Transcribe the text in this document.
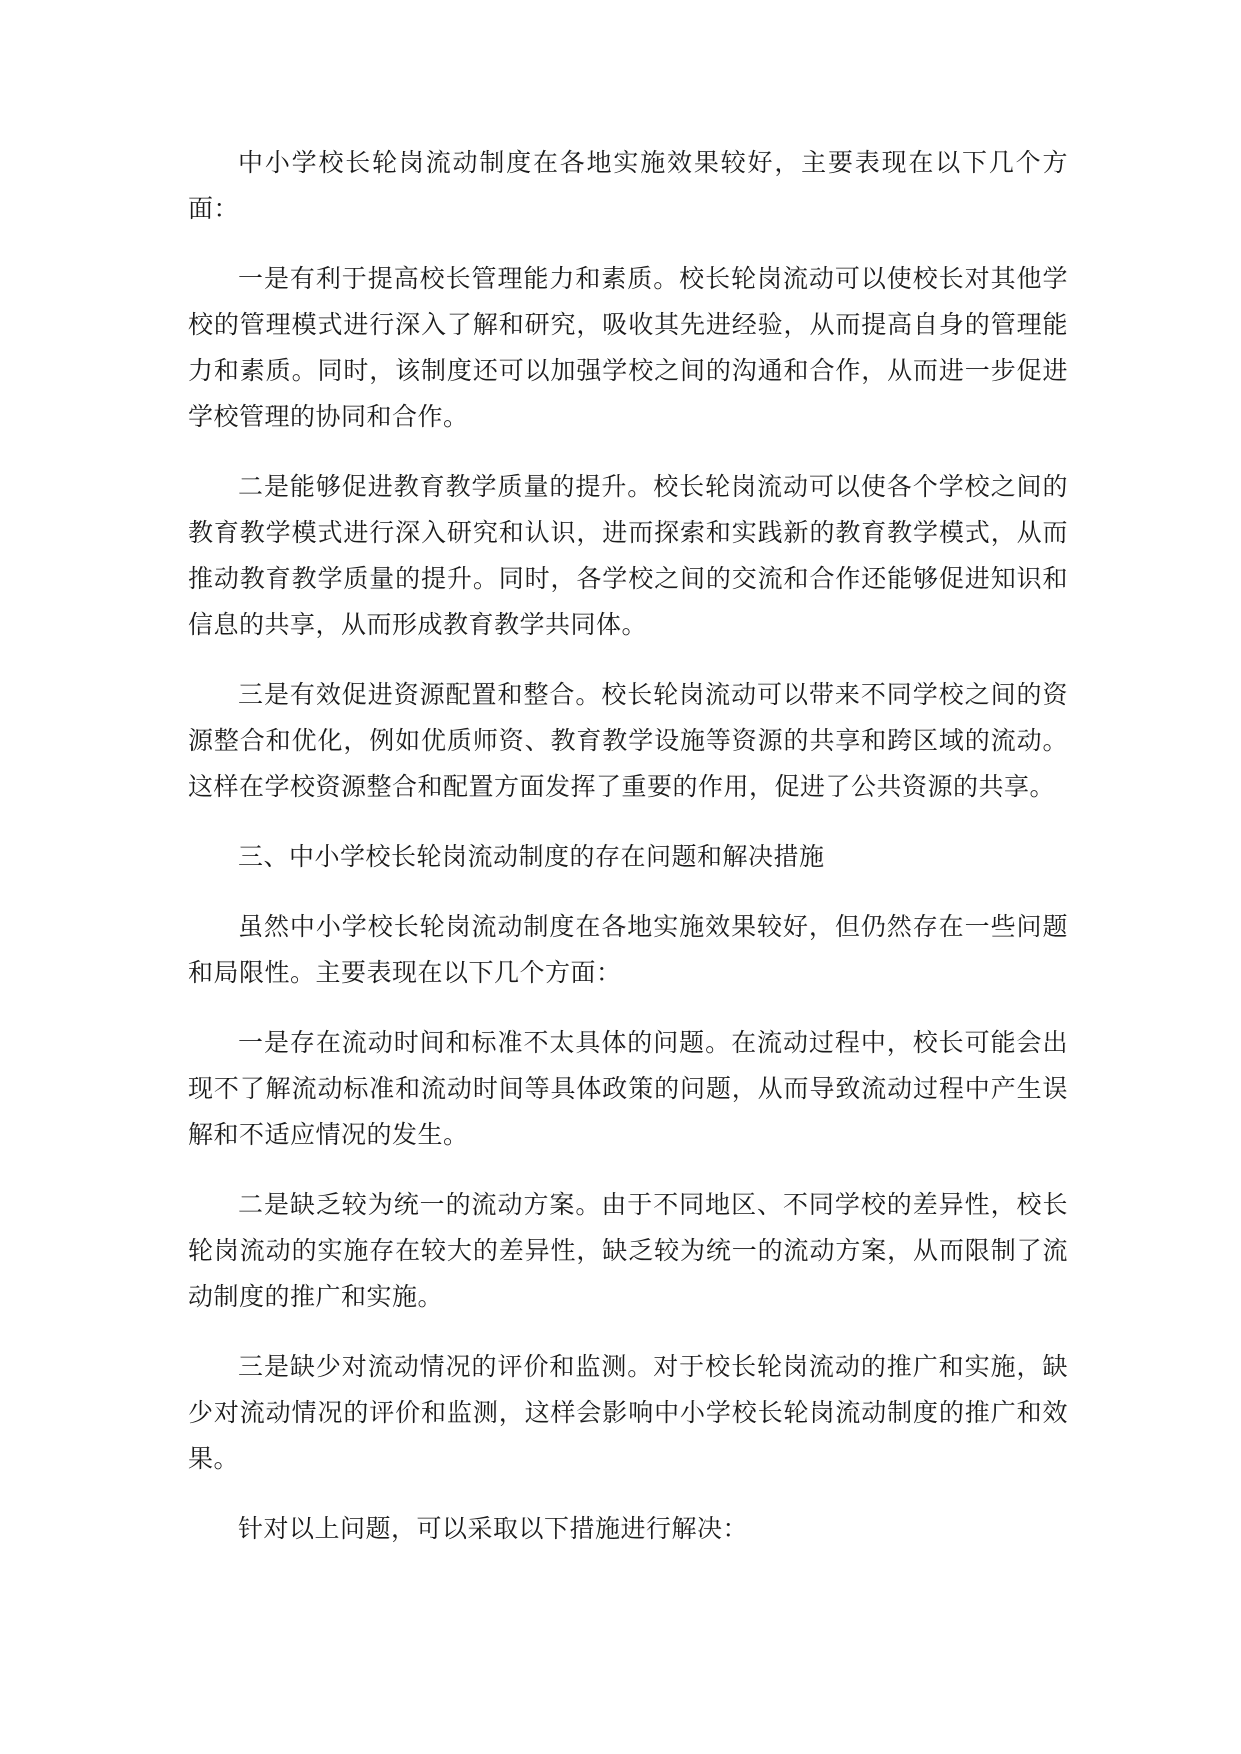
中小学校长轮岗流动制度在各地实施效果较好，主要表现在以下几个方面：

一是有利于提高校长管理能力和素质。校长轮岗流动可以使校长对其他学校的管理模式进行深入了解和研究，吸收其先进经验，从而提高自身的管理能力和素质。同时，该制度还可以加强学校之间的沟通和合作，从而进一步促进学校管理的协同和合作。

二是能够促进教育教学质量的提升。校长轮岗流动可以使各个学校之间的教育教学模式进行深入研究和认识，进而探索和实践新的教育教学模式，从而推动教育教学质量的提升。同时，各学校之间的交流和合作还能够促进知识和信息的共享，从而形成教育教学共同体。

三是有效促进资源配置和整合。校长轮岗流动可以带来不同学校之间的资源整合和优化，例如优质师资、教育教学设施等资源的共享和跨区域的流动。这样在学校资源整合和配置方面发挥了重要的作用，促进了公共资源的共享。

三、中小学校长轮岗流动制度的存在问题和解决措施

虽然中小学校长轮岗流动制度在各地实施效果较好，但仍然存在一些问题和局限性。主要表现在以下几个方面：

一是存在流动时间和标准不太具体的问题。在流动过程中，校长可能会出现不了解流动标准和流动时间等具体政策的问题，从而导致流动过程中产生误解和不适应情况的发生。

二是缺乏较为统一的流动方案。由于不同地区、不同学校的差异性，校长轮岗流动的实施存在较大的差异性，缺乏较为统一的流动方案，从而限制了流动制度的推广和实施。

三是缺少对流动情况的评价和监测。对于校长轮岗流动的推广和实施，缺少对流动情况的评价和监测，这样会影响中小学校长轮岗流动制度的推广和效果。

针对以上问题，可以采取以下措施进行解决：
